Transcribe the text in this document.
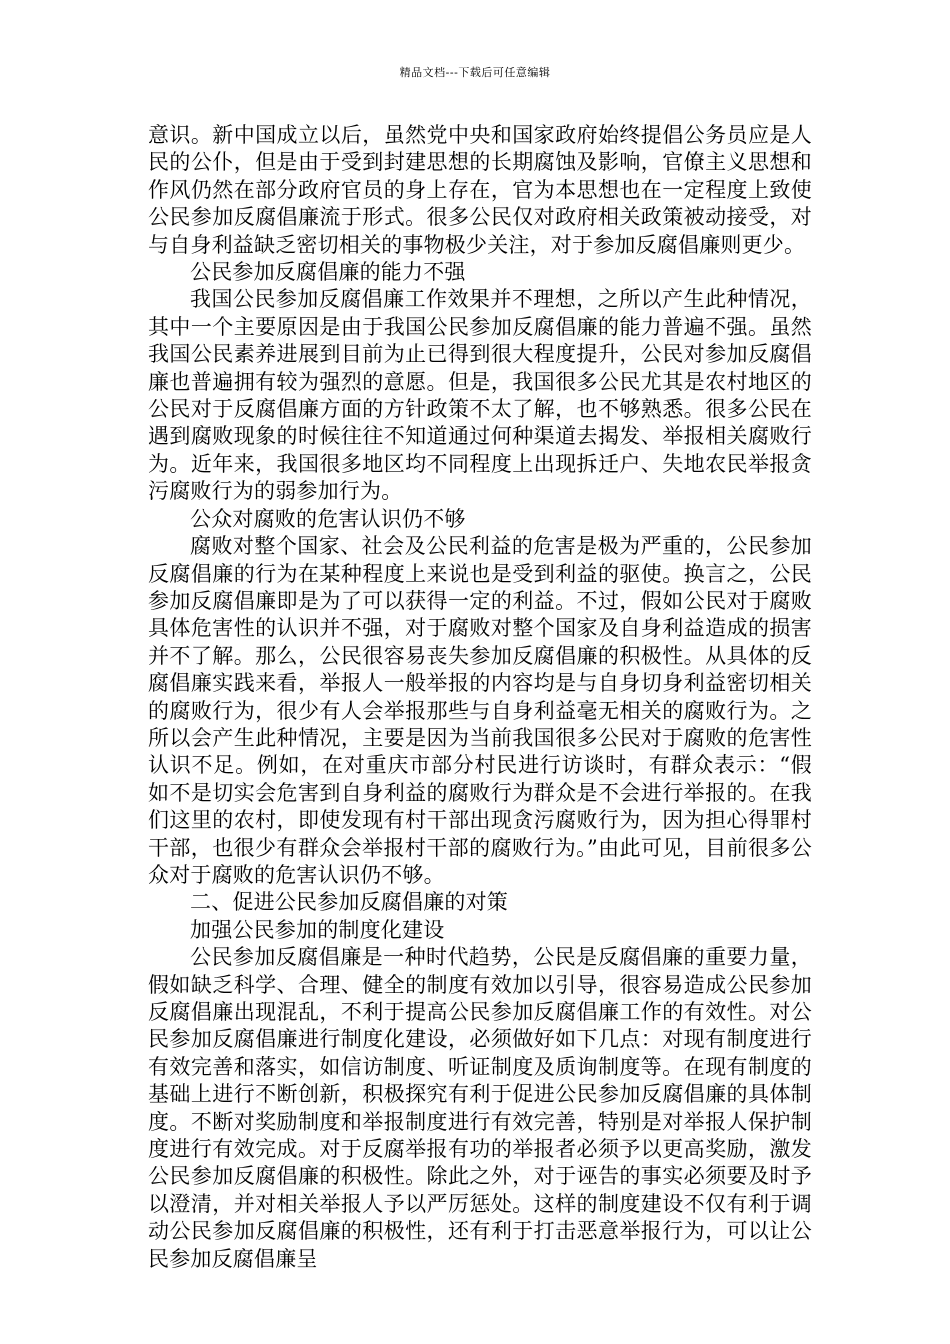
精品文档---下载后可任意编辑

意识。新中国成立以后，虽然党中央和国家政府始终提倡公务员应是人民的公仆，但是由于受到封建思想的长期腐蚀及影响，官僚主义思想和作风仍然在部分政府官员的身上存在，官为本思想也在一定程度上致使公民参加反腐倡廉流于形式。很多公民仅对政府相关政策被动接受，对与自身利益缺乏密切相关的事物极少关注，对于参加反腐倡廉则更少。

公民参加反腐倡廉的能力不强

我国公民参加反腐倡廉工作效果并不理想，之所以产生此种情况，其中一个主要原因是由于我国公民参加反腐倡廉的能力普遍不强。虽然我国公民素养进展到目前为止已得到很大程度提升，公民对参加反腐倡廉也普遍拥有较为强烈的意愿。但是，我国很多公民尤其是农村地区的公民对于反腐倡廉方面的方针政策不太了解，也不够熟悉。很多公民在遇到腐败现象的时候往往不知道通过何种渠道去揭发、举报相关腐败行为。近年来，我国很多地区均不同程度上出现拆迁户、失地农民举报贪污腐败行为的弱参加行为。

公众对腐败的危害认识仍不够

腐败对整个国家、社会及公民利益的危害是极为严重的，公民参加反腐倡廉的行为在某种程度上来说也是受到利益的驱使。换言之，公民参加反腐倡廉即是为了可以获得一定的利益。不过，假如公民对于腐败具体危害性的认识并不强，对于腐败对整个国家及自身利益造成的损害并不了解。那么，公民很容易丧失参加反腐倡廉的积极性。从具体的反腐倡廉实践来看，举报人一般举报的内容均是与自身切身利益密切相关的腐败行为，很少有人会举报那些与自身利益毫无相关的腐败行为。之所以会产生此种情况，主要是因为当前我国很多公民对于腐败的危害性认识不足。例如，在对重庆市部分村民进行访谈时，有群众表示：“假如不是切实会危害到自身利益的腐败行为群众是不会进行举报的。在我们这里的农村，即使发现有村干部出现贪污腐败行为，因为担心得罪村干部，也很少有群众会举报村干部的腐败行为。”由此可见，目前很多公众对于腐败的危害认识仍不够。

二、促进公民参加反腐倡廉的对策

加强公民参加的制度化建设

公民参加反腐倡廉是一种时代趋势，公民是反腐倡廉的重要力量，假如缺乏科学、合理、健全的制度有效加以引导，很容易造成公民参加反腐倡廉出现混乱，不利于提高公民参加反腐倡廉工作的有效性。对公民参加反腐倡廉进行制度化建设，必须做好如下几点：对现有制度进行有效完善和落实，如信访制度、听证制度及质询制度等。在现有制度的基础上进行不断创新，积极探究有利于促进公民参加反腐倡廉的具体制度。不断对奖励制度和举报制度进行有效完善，特别是对举报人保护制度进行有效完成。对于反腐举报有功的举报者必须予以更高奖励，激发公民参加反腐倡廉的积极性。除此之外，对于诬告的事实必须要及时予以澄清，并对相关举报人予以严厉惩处。这样的制度建设不仅有利于调动公民参加反腐倡廉的积极性，还有利于打击恶意举报行为，可以让公民参加反腐倡廉呈
